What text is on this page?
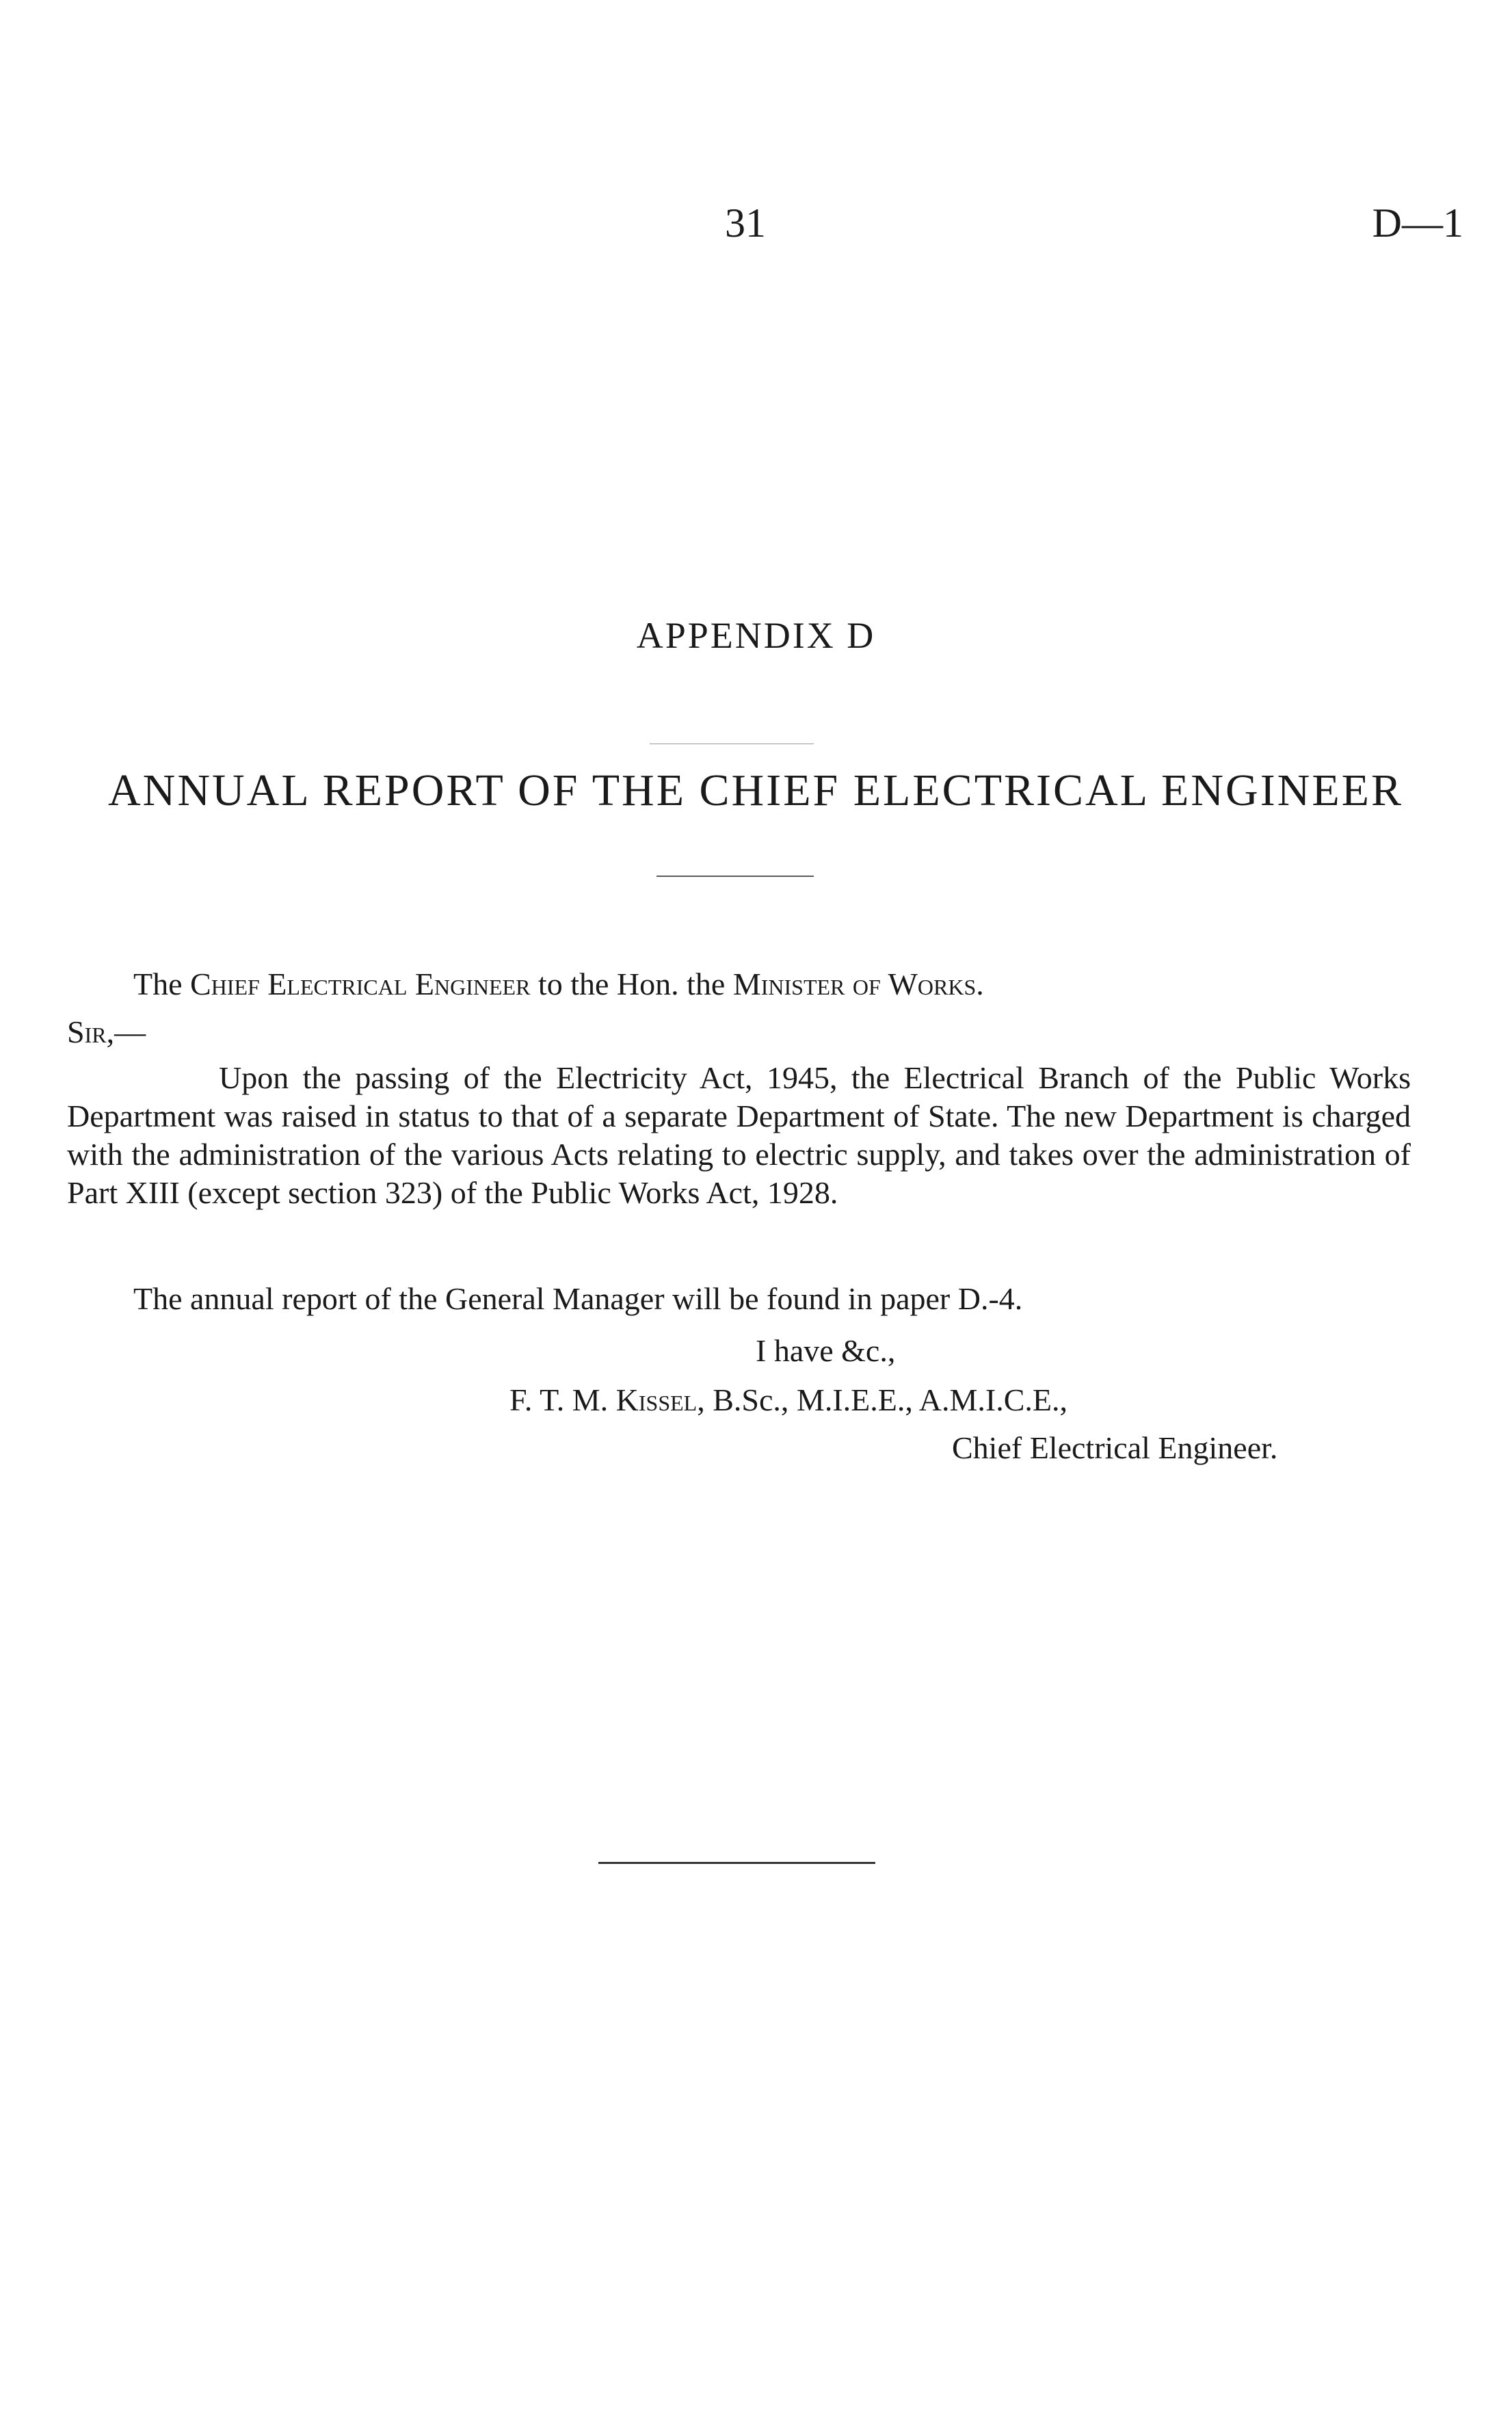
31	D—1
APPENDIX D
ANNUAL REPORT OF THE CHIEF ELECTRICAL ENGINEER
The Chief Electrical Engineer to the Hon. the Minister of Works.
Sir,—

Upon the passing of the Electricity Act, 1945, the Electrical Branch of the Public Works Department was raised in status to that of a separate Department of State. The new Department is charged with the administration of the various Acts relating to electric supply, and takes over the administration of Part XIII (except section 323) of the Public Works Act, 1928.

The annual report of the General Manager will be found in paper D.-4.
I have &c.,
F. T. M. Kissel, B.Sc., M.I.E.E., A.M.I.C.E.,
Chief Electrical Engineer.
